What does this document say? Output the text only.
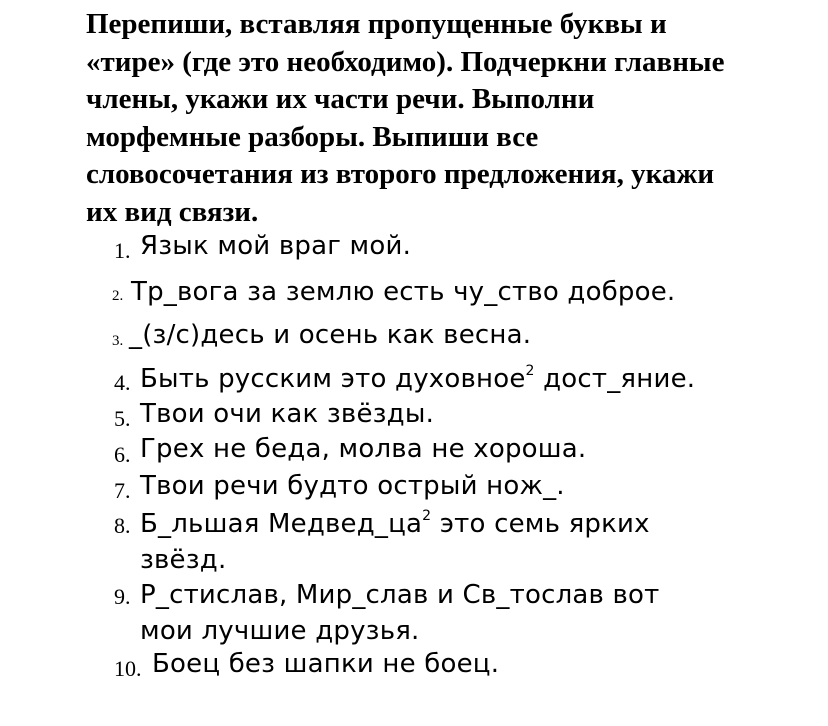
Перепиши, вставляя пропущенные буквы и
«тире» (где это необходимо). Подчеркни главные
члены, укажи их части речи. Выполни
морфемные разборы. Выпиши все
словосочетания из второго предложения, укажи
их вид связи.
1. Язык мой враг мой.
2. Тр_вога за землю есть чу_ство доброе.
3. _(з/с)десь и осень как весна.
4. Быть русским это духовное$^2$ дост_яние.
5. Твои очи как звёзды.
6. Грех не беда, молва не хороша.
7. Твои речи будто острый нож_.
8. Б_льшая $Медвед\_ца^2$ это семь ярких
звёзд.
9. Р_стислав, Мир_слав и Св_тослав вот
мои лучшие друзья.
10. Боец без шапки не боец.
